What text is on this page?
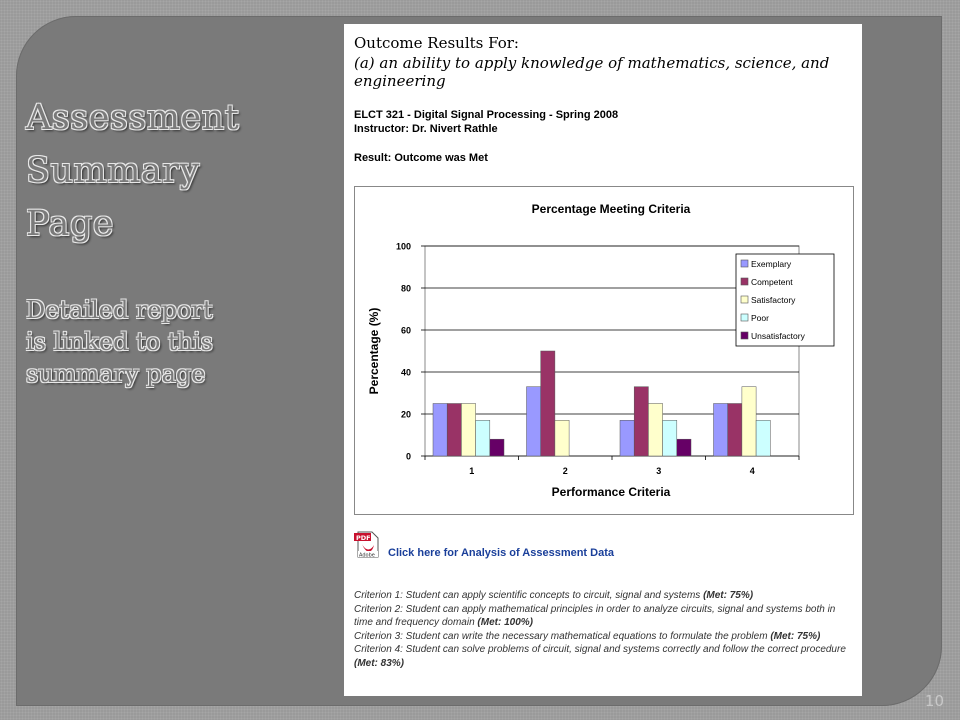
Assessment
Summary
Page
Detailed report
is linked to this
summary page
Outcome Results For:
(a) an ability to apply knowledge of mathematics, science, and engineering
ELCT 321 - Digital Signal Processing - Spring 2008
Instructor: Dr. Nivert Rathle
Result: Outcome was Met
Percentage Meeting Criteria
0
20
40
60
80
100
Performance Criteria
Percentage (%)
1	2	3	4
Exemplary
Competent
Satisfactory
Poor
Unsatisfactory
PDF
Adobe Click here for Analysis of Assessment Data
Criterion 1: Student can apply scientific concepts to circuit, signal and systems (Met: 75%)
Criterion 2: Student can apply mathematical principles in order to analyze circuits, signal and systems both in time and frequency domain (Met: 100%)
Criterion 3: Student can write the necessary mathematical equations to formulate the problem (Met: 75%)
Criterion 4: Student can solve problems of circuit, signal and systems correctly and follow the correct procedure (Met: 83%)
10
